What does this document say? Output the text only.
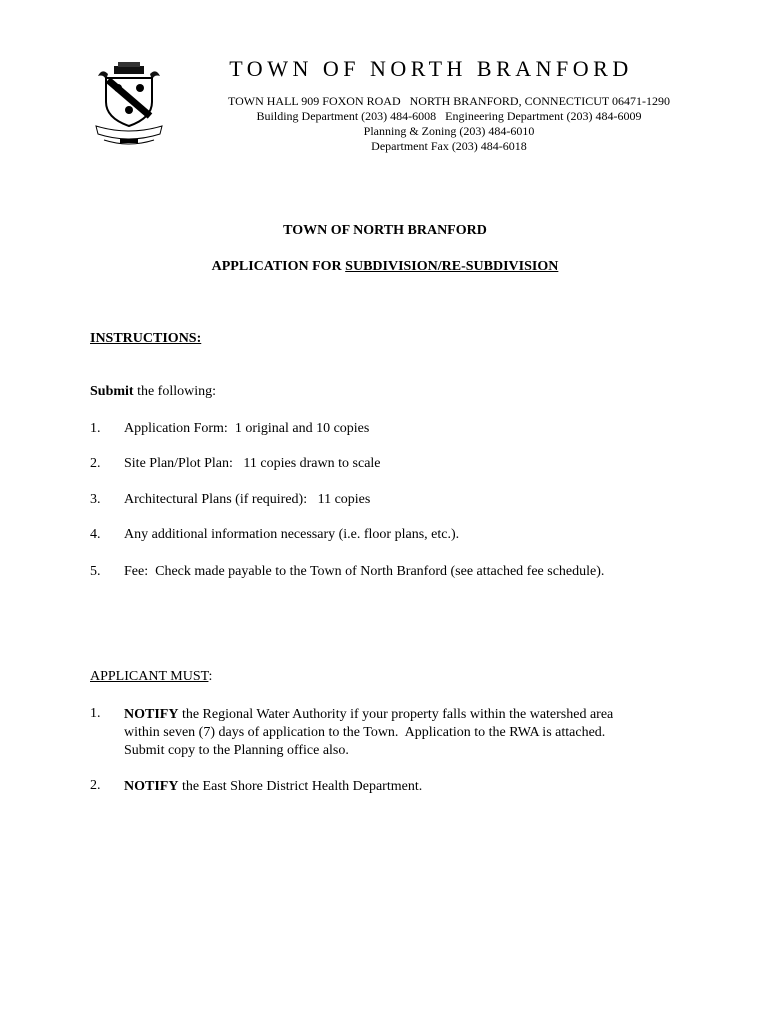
TOWN OF NORTH BRANFORD
TOWN HALL 909 FOXON ROAD   NORTH BRANFORD, CONNECTICUT 06471-1290
Building Department (203) 484-6008   Engineering Department (203) 484-6009
Planning & Zoning (203) 484-6010
Department Fax (203) 484-6018
TOWN OF NORTH BRANFORD
APPLICATION FOR SUBDIVISION/RE-SUBDIVISION
INSTRUCTIONS:
Submit the following:
1. Application Form:  1 original and 10 copies
2. Site Plan/Plot Plan:   11 copies drawn to scale
3. Architectural Plans (if required):   11 copies
4. Any additional information necessary (i.e. floor plans, etc.).
5. Fee:  Check made payable to the Town of North Branford (see attached fee schedule).
APPLICANT MUST:
1. NOTIFY the Regional Water Authority if your property falls within the watershed area
within seven (7) days of application to the Town.  Application to the RWA is attached.
Submit copy to the Planning office also.
2. NOTIFY the East Shore District Health Department.
